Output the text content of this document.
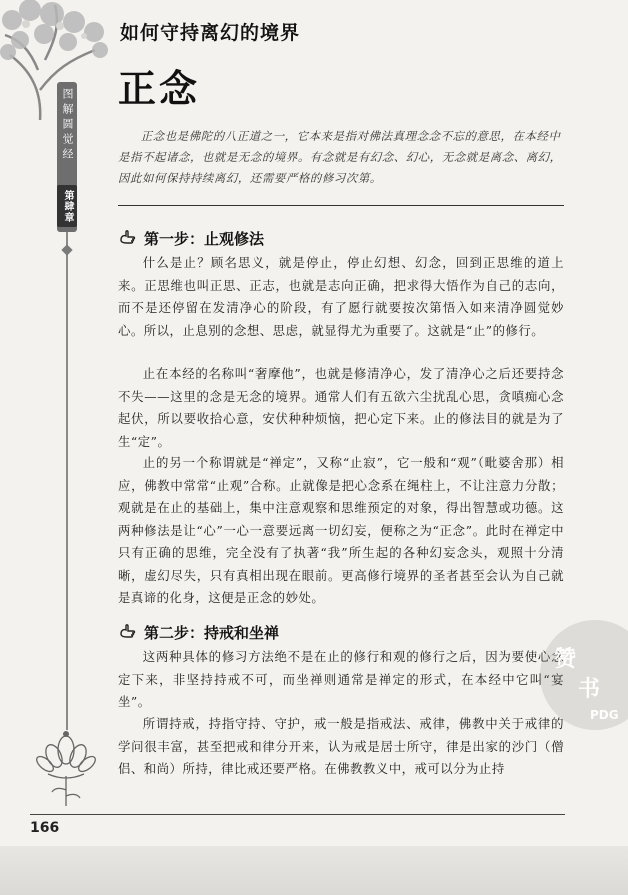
图解圆觉经
第肆章
如何守持离幻的境界
正念
正念也是佛陀的八正道之一，它本来是指对佛法真理念念不忘的意思，在本经中是指不起诸念，也就是无念的境界。有念就是有幻念、幻心，无念就是离念、离幻，因此如何保持持续离幻，还需要严格的修习次第。
第一步：止观修法

什么是止？顾名思义，就是停止，停止幻想、幻念，回到正思维的道上来。正思维也叫正思、正志，也就是志向正确，把求得大悟作为自己的志向，而不是还停留在发清净心的阶段，有了愿行就要按次第悟入如来清净圆觉妙心。所以，止息别的念想、思虑，就显得尤为重要了。这就是“止”的修行。

止在本经的名称叫“奢摩他”，也就是修清净心，发了清净心之后还要持念不失——这里的念是无念的境界。通常人们有五欲六尘扰乱心思，贪嗔痴心念起伏，所以要收拾心意，安伏种种烦恼，把心定下来。止的修法目的就是为了生“定”。

止的另一个称谓就是“禅定”，又称“止寂”，它一般和“观”（毗婆舍那）相应，佛教中常常“止观”合称。止就像是把心念系在绳柱上，不让注意力分散；观就是在止的基础上，集中注意观察和思维预定的对象，得出智慧或功德。这两种修法是让“心”一心一意要远离一切幻妄，便称之为“正念”。此时在禅定中只有正确的思维，完全没有了执著“我”所生起的各种幻妄念头，观照十分清晰，虚幻尽失，只有真相出现在眼前。更高修行境界的圣者甚至会认为自己就是真谛的化身，这便是正念的妙处。

第二步：持戒和坐禅

这两种具体的修习方法绝不是在止的修行和观的修行之后，因为要使心念定下来，非坚持持戒不可，而坐禅则通常是禅定的形式，在本经中它叫“宴坐”。

所谓持戒，持指守持、守护，戒一般是指戒法、戒律，佛教中关于戒律的学问很丰富，甚至把戒和律分开来，认为戒是居士所守，律是出家的沙门（僧侣、和尚）所持，律比戒还要严格。在佛教教义中，戒可以分为止持

赞
书
PDG
166
